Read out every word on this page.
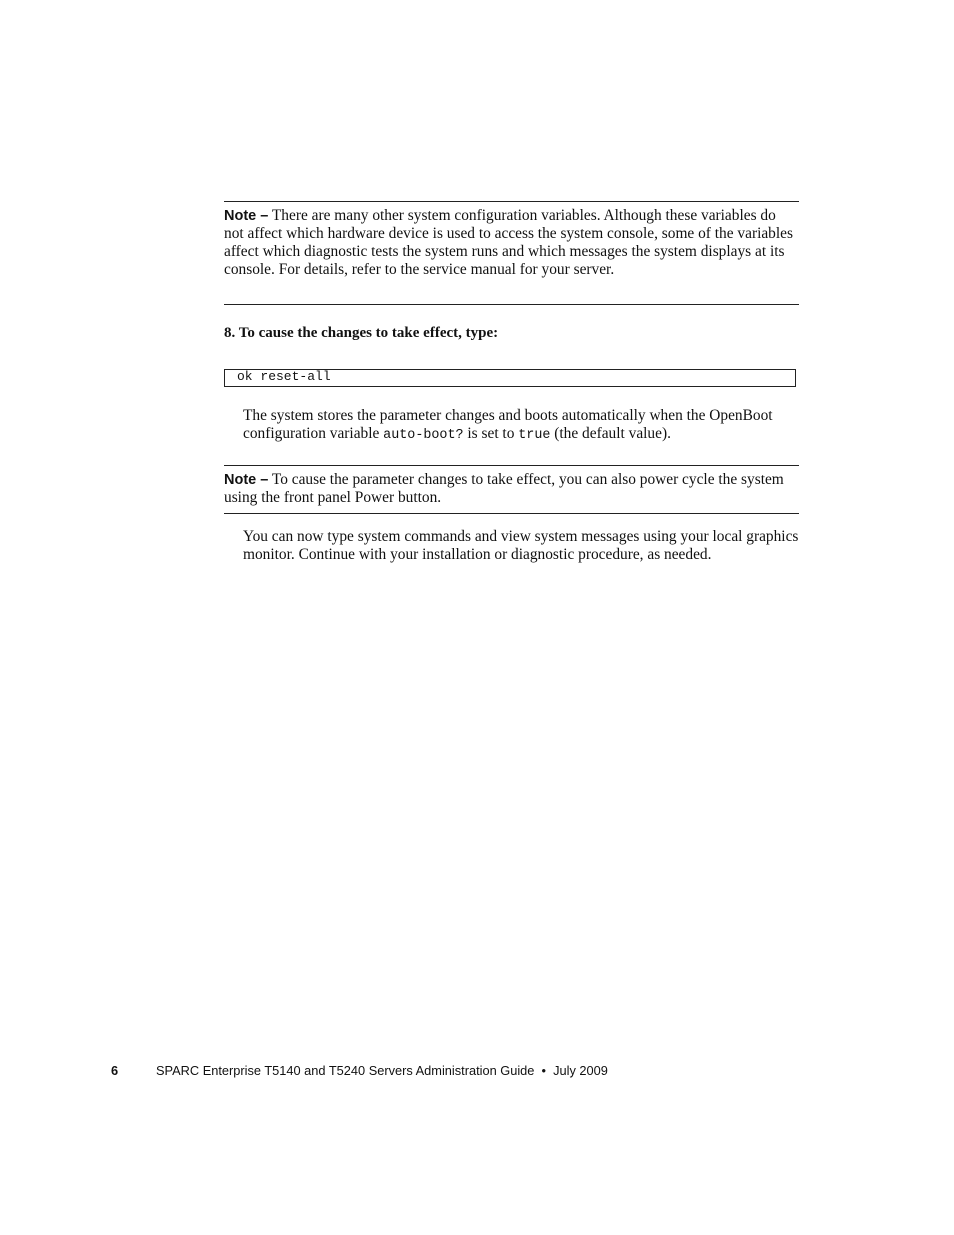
Note – There are many other system configuration variables. Although these variables do not affect which hardware device is used to access the system console, some of the variables affect which diagnostic tests the system runs and which messages the system displays at its console. For details, refer to the service manual for your server.
8. To cause the changes to take effect, type:
ok reset-all
The system stores the parameter changes and boots automatically when the OpenBoot configuration variable auto-boot? is set to true (the default value).
Note – To cause the parameter changes to take effect, you can also power cycle the system using the front panel Power button.
You can now type system commands and view system messages using your local graphics monitor. Continue with your installation or diagnostic procedure, as needed.
6	SPARC Enterprise T5140 and T5240 Servers Administration Guide  •  July 2009
